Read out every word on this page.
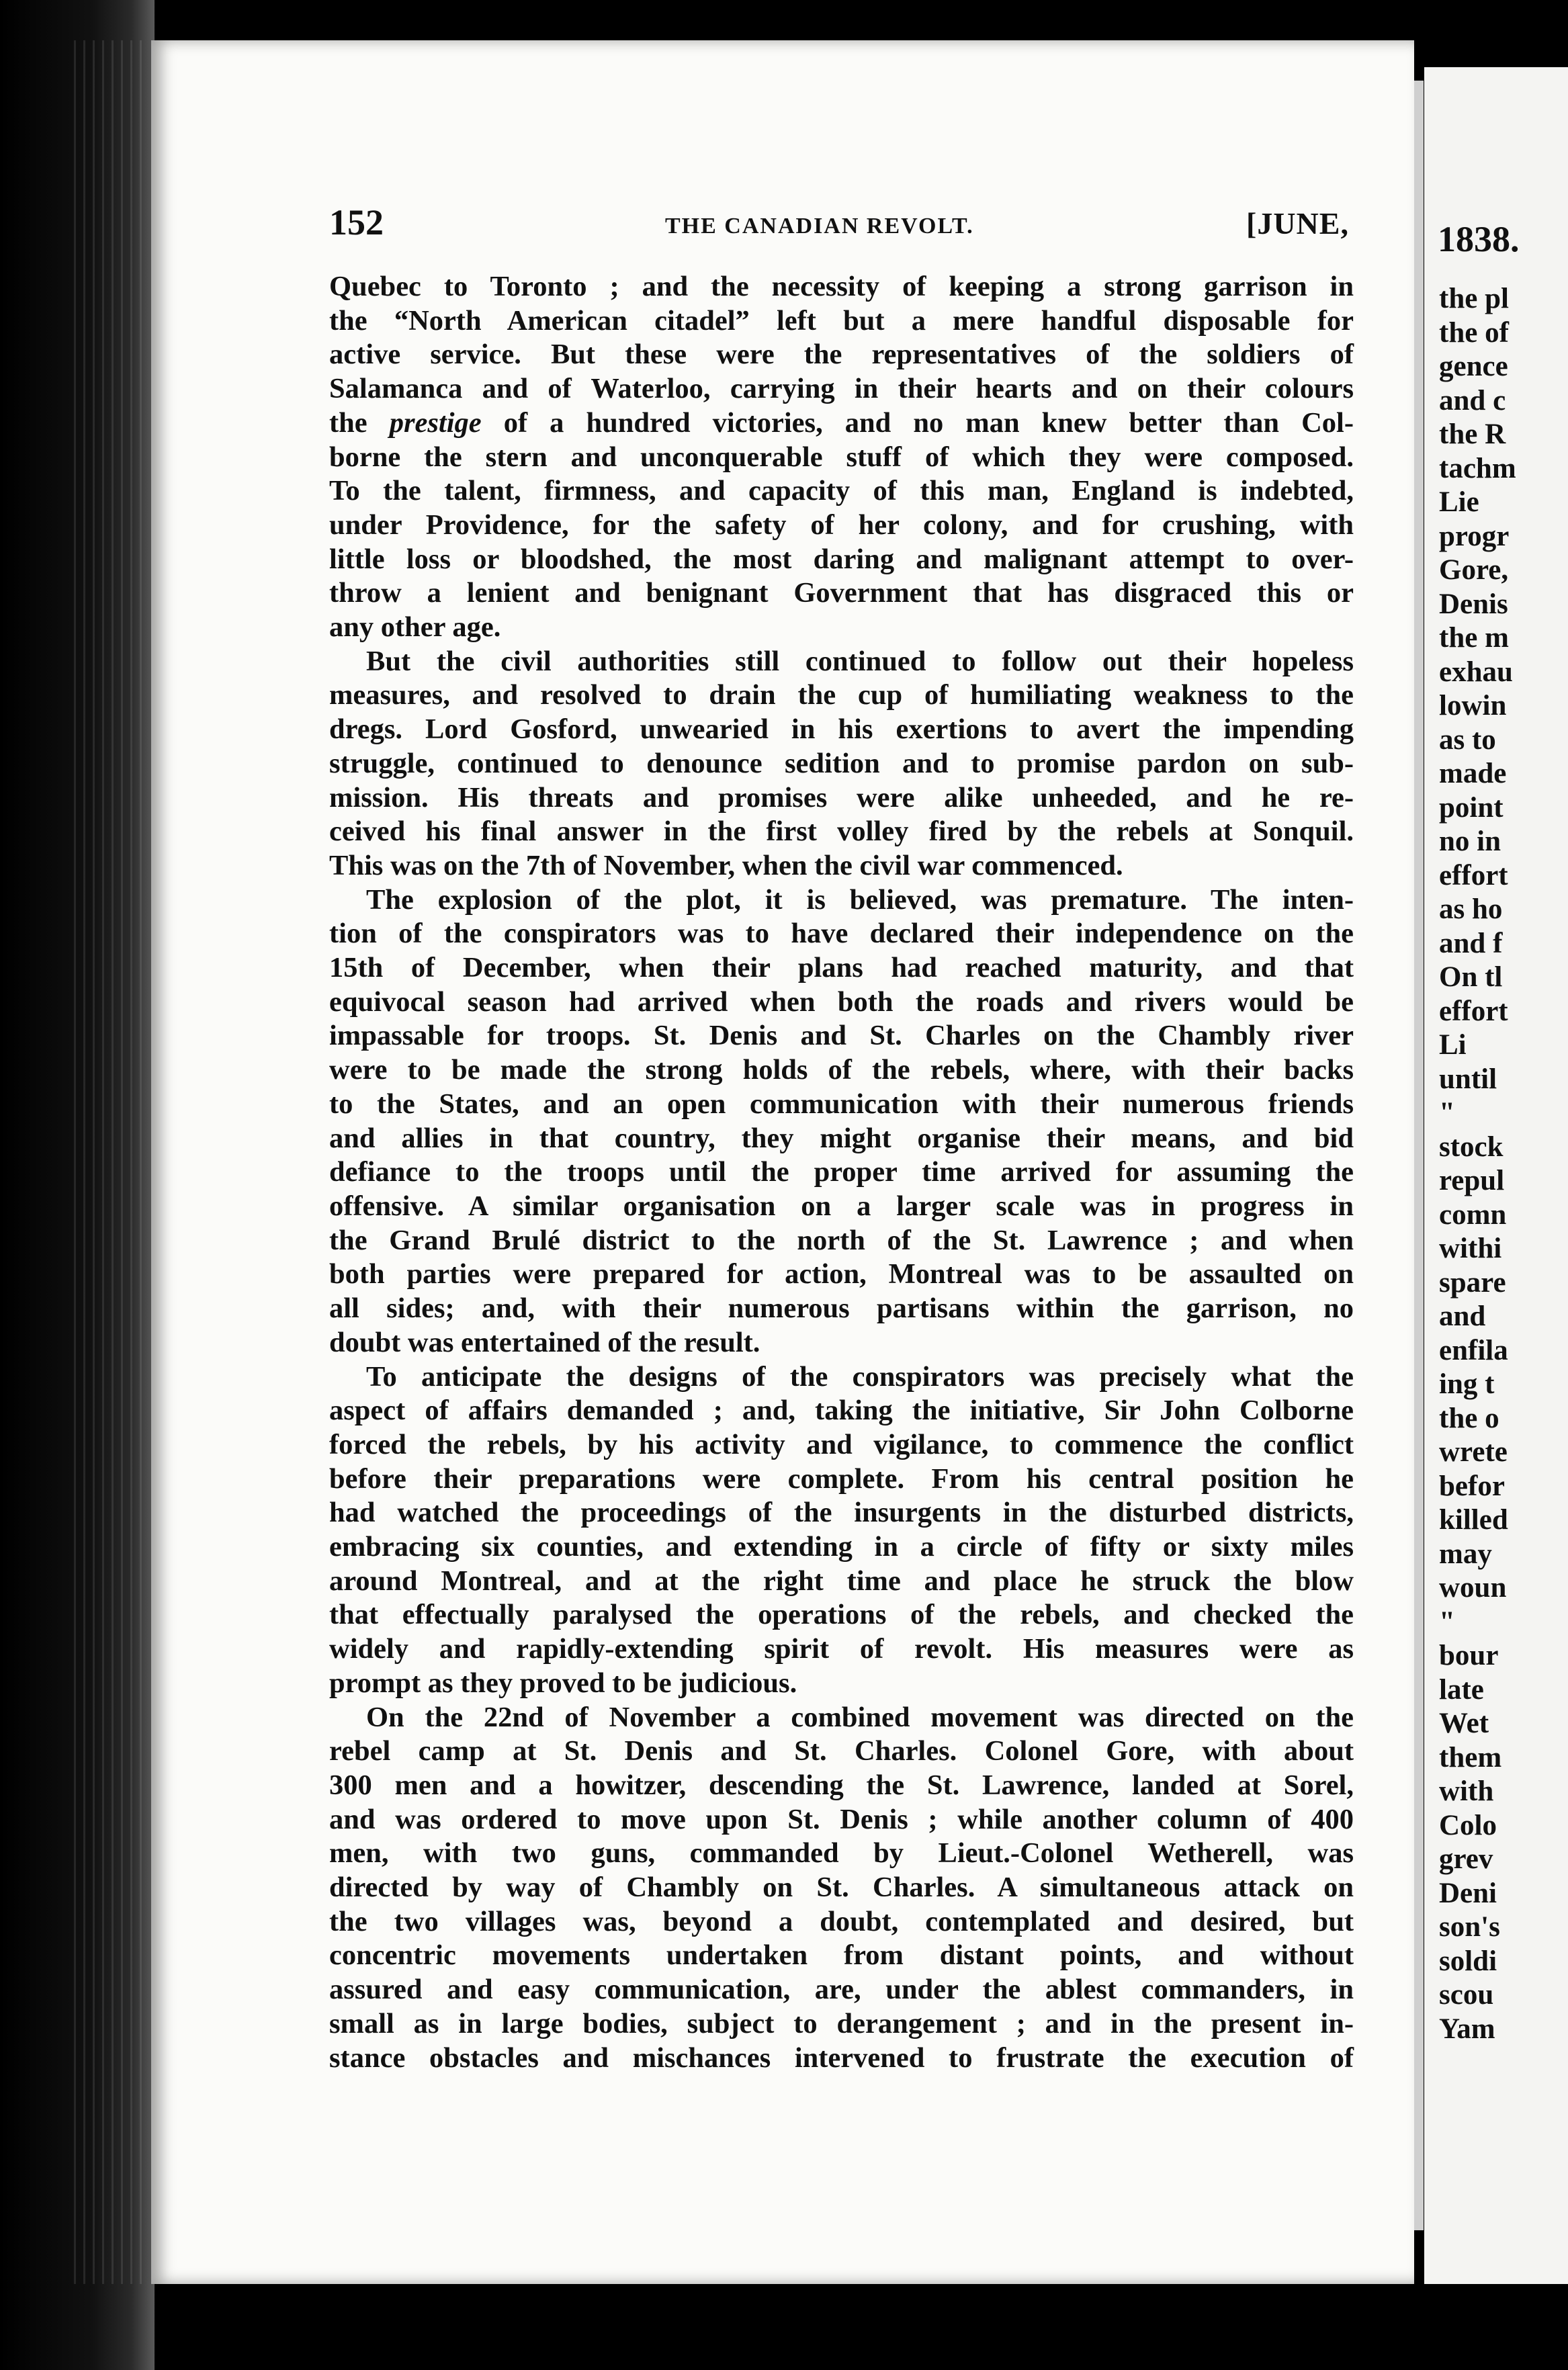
1838.
the pl
the of
gence
and c
the R
tachm
Lie
progr
Gore,
Denis
the m
exhau
lowin
as to
made
point
no in
effort
as ho
and f
On tl
effort
Li
until
"
stock
repul
comn
withi
spare
and
enfila
ing t
the o
wrete
befor
killed
may
woun
"
bour
late
Wet
them
with
Colo
grev
Deni
son's
soldi
scou
Yam
152	THE CANADIAN REVOLT.	[JUNE,
Quebec to Toronto ; and the necessity of keeping a strong garrison in
the “North American citadel” left but a mere handful disposable for
active service. But these were the representatives of the soldiers of
Salamanca and of Waterloo, carrying in their hearts and on their colours
the prestige of a hundred victories, and no man knew better than Col-
borne the stern and unconquerable stuff of which they were composed.
To the talent, firmness, and capacity of this man, England is indebted,
under Providence, for the safety of her colony, and for crushing, with
little loss or bloodshed, the most daring and malignant attempt to over-
throw a lenient and benignant Government that has disgraced this or
any other age.
But the civil authorities still continued to follow out their hopeless
measures, and resolved to drain the cup of humiliating weakness to the
dregs. Lord Gosford, unwearied in his exertions to avert the impending
struggle, continued to denounce sedition and to promise pardon on sub-
mission. His threats and promises were alike unheeded, and he re-
ceived his final answer in the first volley fired by the rebels at Sonquil.
This was on the 7th of November, when the civil war commenced.
The explosion of the plot, it is believed, was premature. The inten-
tion of the conspirators was to have declared their independence on the
15th of December, when their plans had reached maturity, and that
equivocal season had arrived when both the roads and rivers would be
impassable for troops. St. Denis and St. Charles on the Chambly river
were to be made the strong holds of the rebels, where, with their backs
to the States, and an open communication with their numerous friends
and allies in that country, they might organise their means, and bid
defiance to the troops until the proper time arrived for assuming the
offensive. A similar organisation on a larger scale was in progress in
the Grand Brulé district to the north of the St. Lawrence ; and when
both parties were prepared for action, Montreal was to be assaulted on
all sides; and, with their numerous partisans within the garrison, no
doubt was entertained of the result.
To anticipate the designs of the conspirators was precisely what the
aspect of affairs demanded ; and, taking the initiative, Sir John Colborne
forced the rebels, by his activity and vigilance, to commence the conflict
before their preparations were complete. From his central position he
had watched the proceedings of the insurgents in the disturbed districts,
embracing six counties, and extending in a circle of fifty or sixty miles
around Montreal, and at the right time and place he struck the blow
that effectually paralysed the operations of the rebels, and checked the
widely and rapidly-extending spirit of revolt. His measures were as
prompt as they proved to be judicious.
On the 22nd of November a combined movement was directed on the
rebel camp at St. Denis and St. Charles. Colonel Gore, with about
300 men and a howitzer, descending the St. Lawrence, landed at Sorel,
and was ordered to move upon St. Denis ; while another column of 400
men, with two guns, commanded by Lieut.-Colonel Wetherell, was
directed by way of Chambly on St. Charles. A simultaneous attack on
the two villages was, beyond a doubt, contemplated and desired, but
concentric movements undertaken from distant points, and without
assured and easy communication, are, under the ablest commanders, in
small as in large bodies, subject to derangement ; and in the present in-
stance obstacles and mischances intervened to frustrate the execution of
